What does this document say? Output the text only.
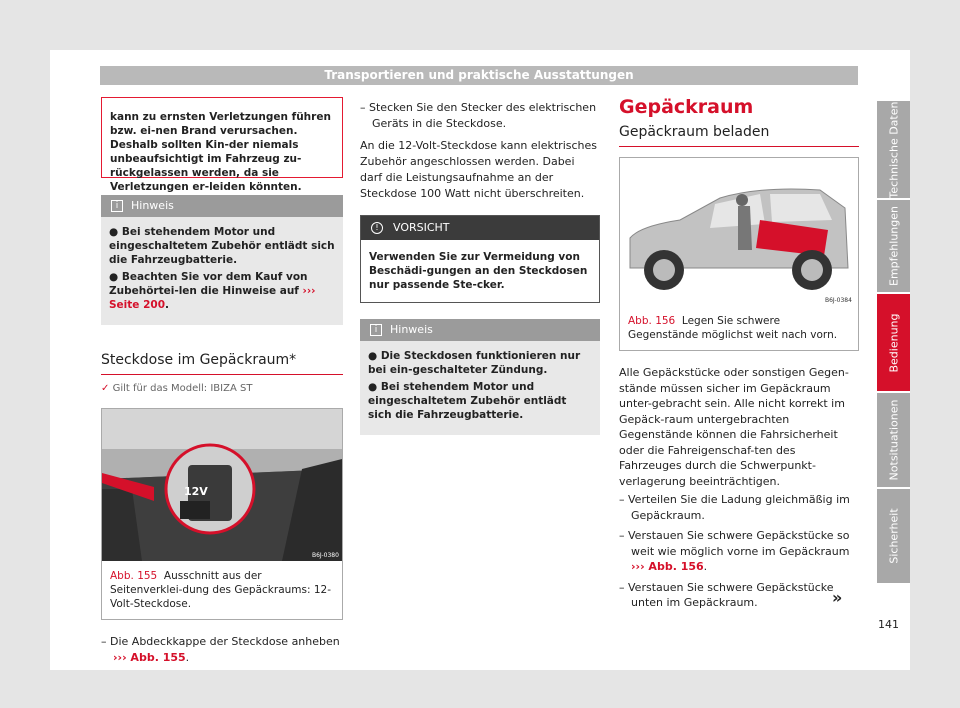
Transportieren und praktische Ausstattungen
Technische Daten
Empfehlungen
Bedienung
Notsituationen
Sicherheit
kann zu ernsten Verletzungen führen bzw. ei-nen Brand verursachen. Deshalb sollten Kin-der niemals unbeaufsichtigt im Fahrzeug zu-rückgelassen werden, da sie Verletzungen er-leiden könnten.
i	Hinweis

● Bei stehendem Motor und eingeschaltetem Zubehör entlädt sich die Fahrzeugbatterie.

● Beachten Sie vor dem Kauf von Zubehörtei-len die Hinweise auf ››› Seite 200.

Steckdose im Gepäckraum*
✓ Gilt für das Modell: IBIZA ST
12V
B6J-0380
Abb. 155 Ausschnitt aus der Seitenverklei-dung des Gepäckraums: 12-Volt-Steckdose.
– Die Abdeckkappe der Steckdose anheben
››› Abb. 155.
– Stecken Sie den Stecker des elektrischen Geräts in die Steckdose.
An die 12-Volt-Steckdose kann elektrisches Zubehör angeschlossen werden. Dabei darf die Leistungsaufnahme an der Steckdose 100 Watt nicht überschreiten.
!	VORSICHT
Verwenden Sie zur Vermeidung von Beschädi-gungen an den Steckdosen nur passende Ste-cker.
i	Hinweis

● Die Steckdosen funktionieren nur bei ein-geschalteter Zündung.

● Bei stehendem Motor und eingeschaltetem Zubehör entlädt sich die Fahrzeugbatterie.

Gepäckraum
Gepäckraum beladen
B6J-0384
Abb. 156 Legen Sie schwere Gegenstände möglichst weit nach vorn.
Alle Gepäckstücke oder sonstigen Gegen-stände müssen sicher im Gepäckraum unter-gebracht sein. Alle nicht korrekt im Gepäck-raum untergebrachten Gegenstände können die Fahrsicherheit oder die Fahreigenschaf-ten des Fahrzeuges durch die Schwerpunkt-verlagerung beeinträchtigen.
– Verteilen Sie die Ladung gleichmäßig im Gepäckraum.
– Verstauen Sie schwere Gepäckstücke so weit wie möglich vorne im Gepäckraum
››› Abb. 156.
– Verstauen Sie schwere Gepäckstücke unten im Gepäckraum.	»
141
